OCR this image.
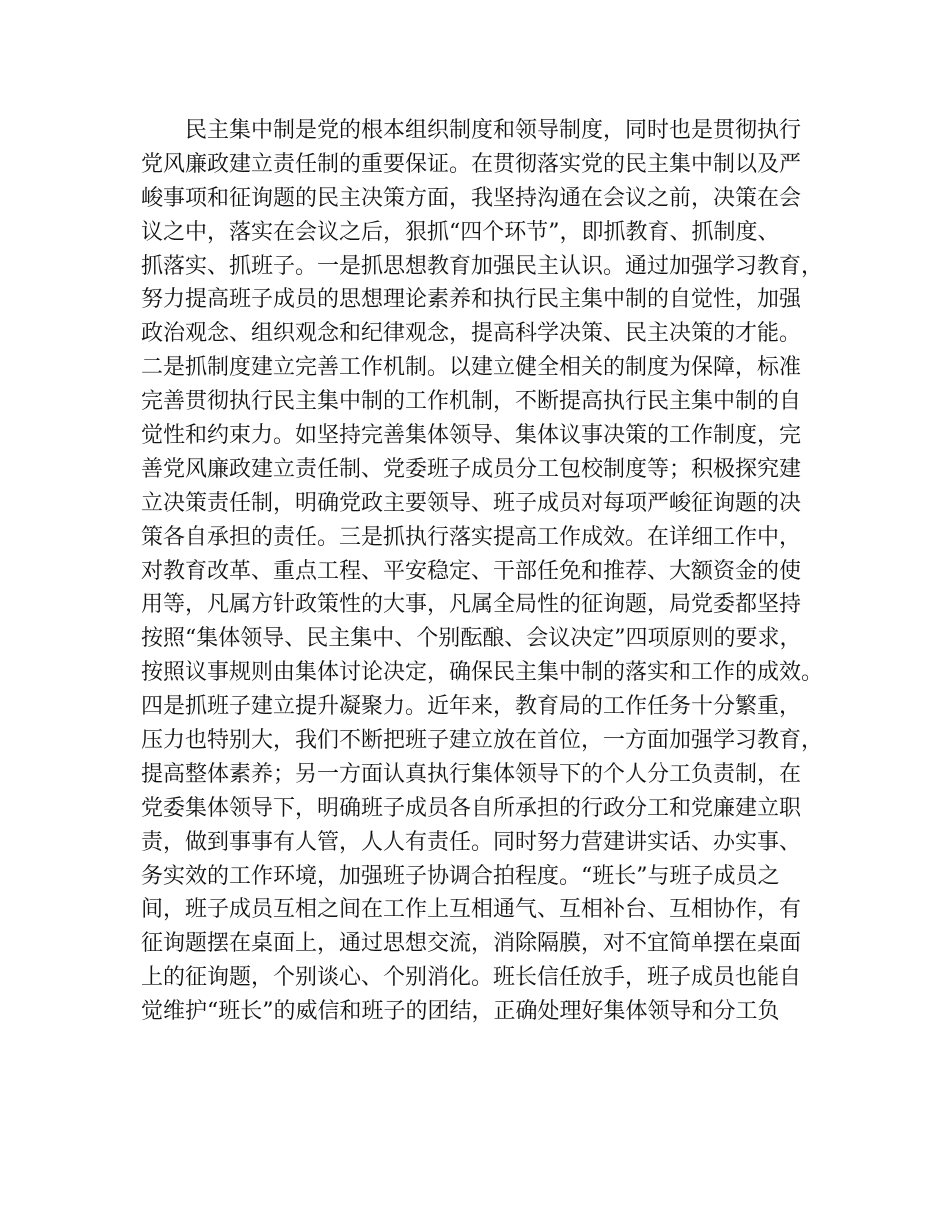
民主集中制是党的根本组织制度和领导制度，同时也是贯彻执行
党风廉政建立责任制的重要保证。在贯彻落实党的民主集中制以及严
峻事项和征询题的民主决策方面，我坚持沟通在会议之前，决策在会
议之中，落实在会议之后，狠抓“四个环节”，即抓教育、抓制度、
抓落实、抓班子。一是抓思想教育加强民主认识。通过加强学习教育，
努力提高班子成员的思想理论素养和执行民主集中制的自觉性，加强
政治观念、组织观念和纪律观念，提高科学决策、民主决策的才能。
二是抓制度建立完善工作机制。以建立健全相关的制度为保障，标准
完善贯彻执行民主集中制的工作机制，不断提高执行民主集中制的自
觉性和约束力。如坚持完善集体领导、集体议事决策的工作制度，完
善党风廉政建立责任制、党委班子成员分工包校制度等；积极探究建
立决策责任制，明确党政主要领导、班子成员对每项严峻征询题的决
策各自承担的责任。三是抓执行落实提高工作成效。在详细工作中，
对教育改革、重点工程、平安稳定、干部任免和推荐、大额资金的使
用等，凡属方针政策性的大事，凡属全局性的征询题，局党委都坚持
按照“集体领导、民主集中、个别酝酿、会议决定”四项原则的要求，
按照议事规则由集体讨论决定，确保民主集中制的落实和工作的成效。
四是抓班子建立提升凝聚力。近年来，教育局的工作任务十分繁重，
压力也特别大，我们不断把班子建立放在首位，一方面加强学习教育，
提高整体素养；另一方面认真执行集体领导下的个人分工负责制，在
党委集体领导下，明确班子成员各自所承担的行政分工和党廉建立职
责，做到事事有人管，人人有责任。同时努力营建讲实话、办实事、
务实效的工作环境，加强班子协调合拍程度。“班长”与班子成员之
间，班子成员互相之间在工作上互相通气、互相补台、互相协作，有
征询题摆在桌面上，通过思想交流，消除隔膜，对不宜简单摆在桌面
上的征询题，个别谈心、个别消化。班长信任放手，班子成员也能自
觉维护“班长”的威信和班子的团结，正确处理好集体领导和分工负
